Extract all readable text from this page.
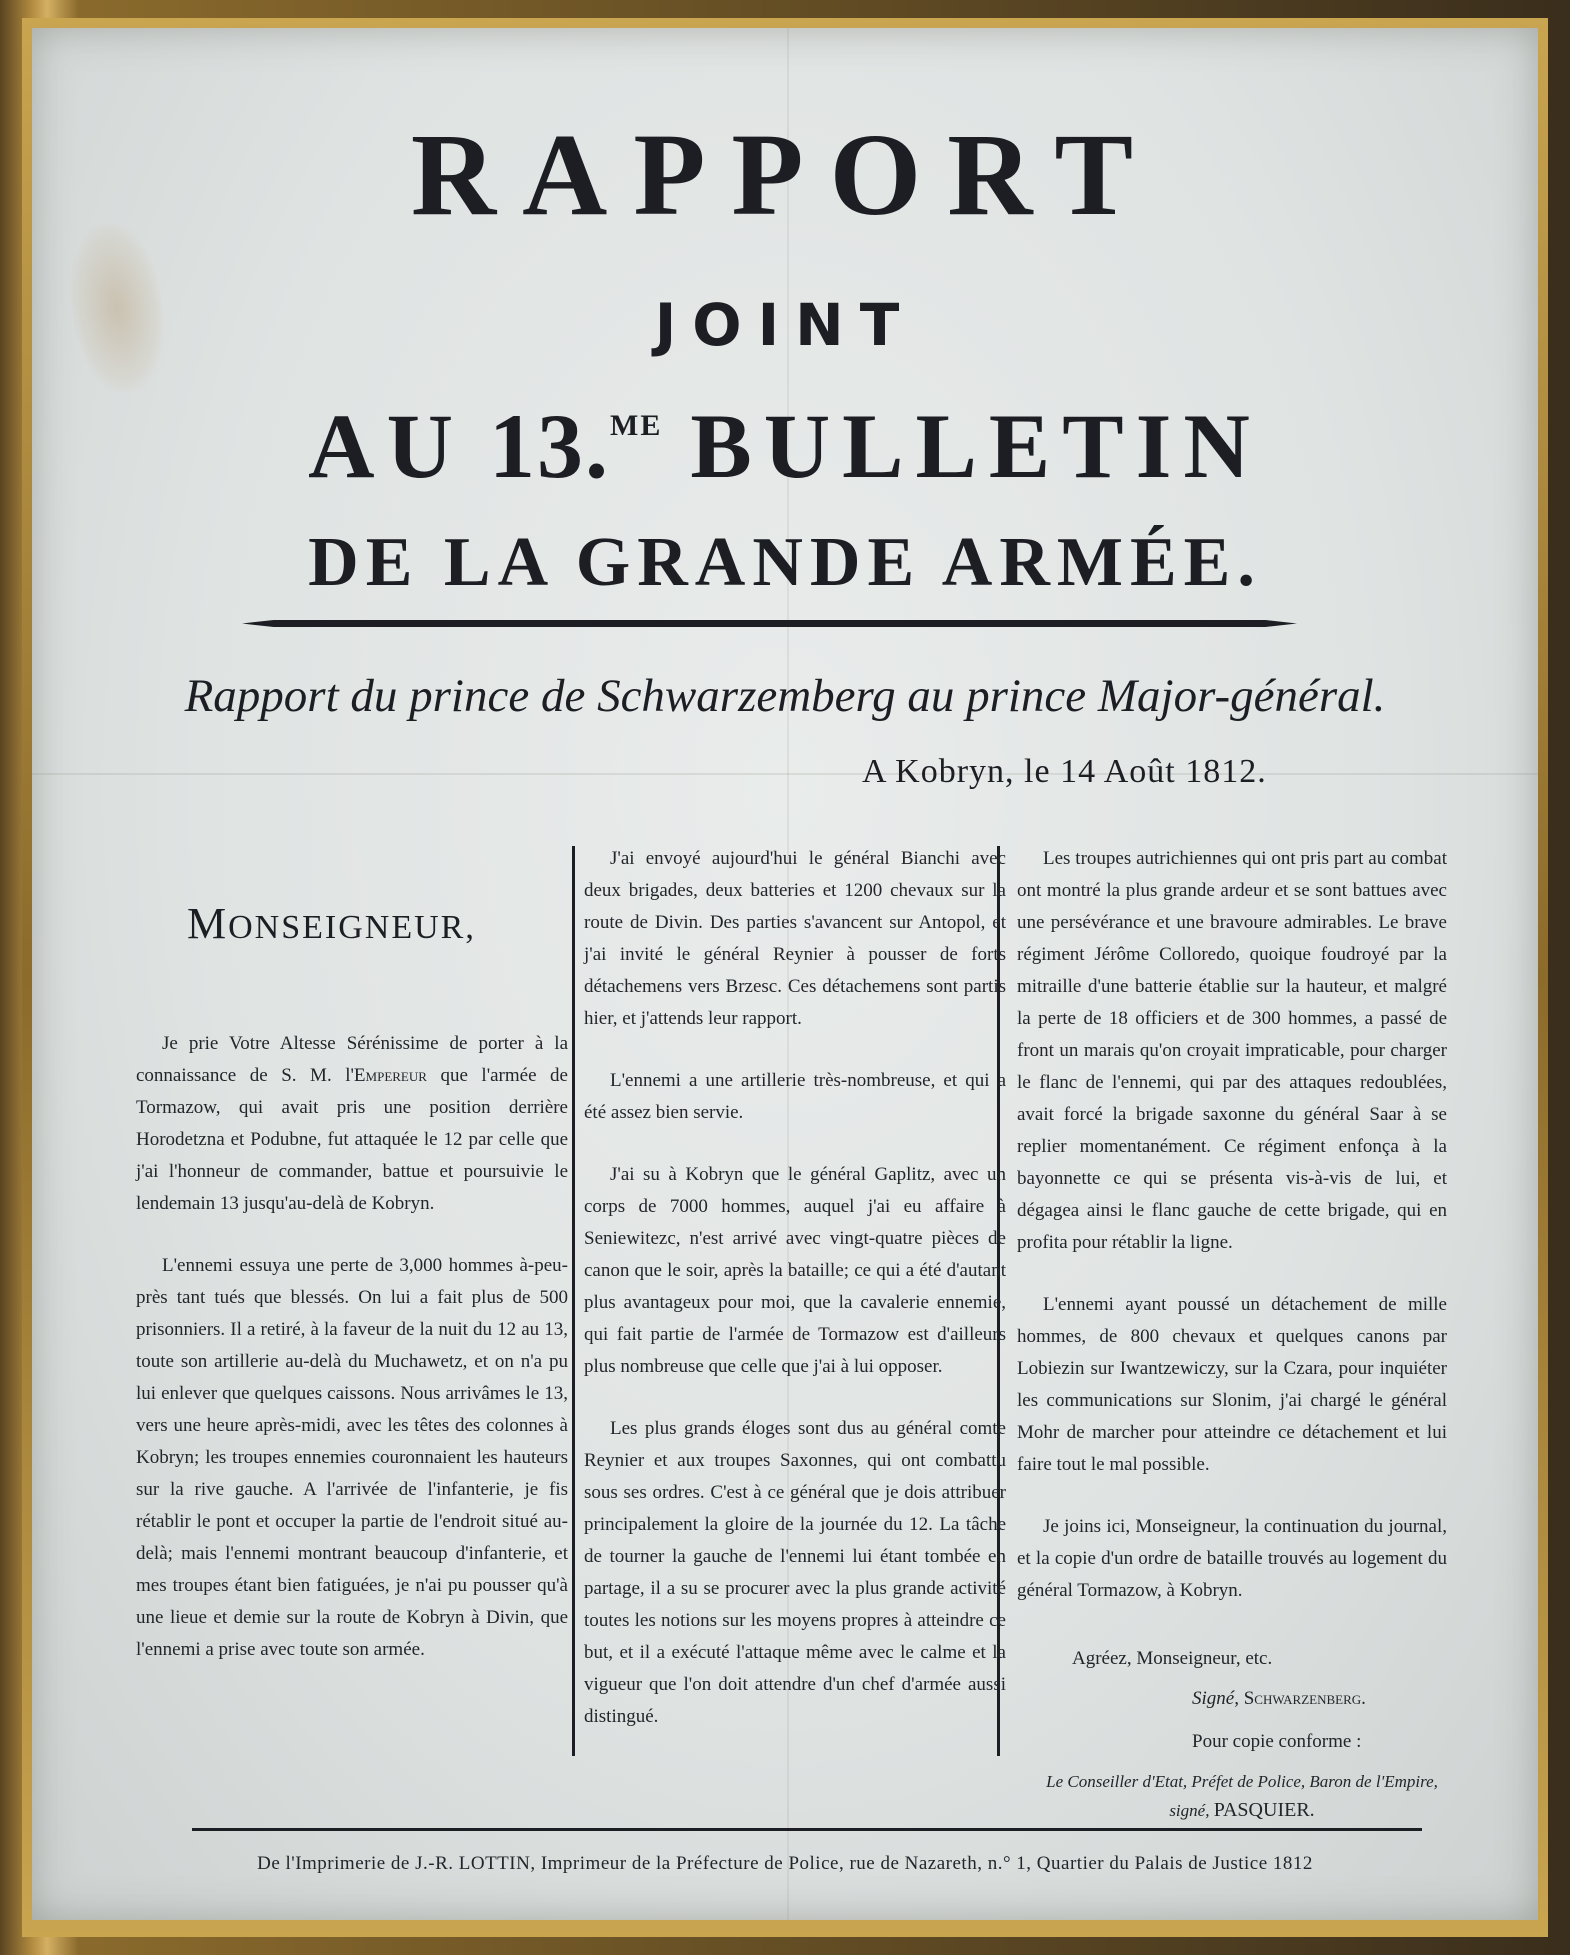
RAPPORT
JOINT
AU 13.$^{ME}$ BULLETIN
DE LA GRANDE ARMÉE.
Rapport du prince de Schwarzemberg au prince Major-général.
A Kobryn, le 14 Août 1812.
MONSEIGNEUR,

Je prie Votre Altesse Sérénissime de porter à la connaissance de S. M. l'Empereur que l'armée de Tormazow, qui avait pris une position derrière Horodetzna et Podubne, fut attaquée le 12 par celle que j'ai l'honneur de commander, battue et poursuivie le lendemain 13 jusqu'au-delà de Kobryn.

L'ennemi essuya une perte de 3,000 hommes à-peu-près tant tués que blessés. On lui a fait plus de 500 prisonniers. Il a retiré, à la faveur de la nuit du 12 au 13, toute son artillerie au-delà du Muchawetz, et on n'a pu lui enlever que quelques caissons. Nous arrivâmes le 13, vers une heure après-midi, avec les têtes des colonnes à Kobryn; les troupes ennemies couronnaient les hauteurs sur la rive gauche. A l'arrivée de l'infanterie, je fis rétablir le pont et occuper la partie de l'endroit situé au-delà; mais l'ennemi montrant beaucoup d'infanterie, et mes troupes étant bien fatiguées, je n'ai pu pousser qu'à une lieue et demie sur la route de Kobryn à Divin, que l'ennemi a prise avec toute son armée.

J'ai envoyé aujourd'hui le général Bianchi avec deux brigades, deux batteries et 1200 chevaux sur la route de Divin. Des parties s'avancent sur Antopol, et j'ai invité le général Reynier à pousser de forts détachemens vers Brzesc. Ces détachemens sont partis hier, et j'attends leur rapport.

L'ennemi a une artillerie très-nombreuse, et qui a été assez bien servie.

J'ai su à Kobryn que le général Gaplitz, avec un corps de 7000 hommes, auquel j'ai eu affaire à Seniewitezc, n'est arrivé avec vingt-quatre pièces de canon que le soir, après la bataille; ce qui a été d'autant plus avantageux pour moi, que la cavalerie ennemie, qui fait partie de l'armée de Tormazow est d'ailleurs plus nombreuse que celle que j'ai à lui opposer.

Les plus grands éloges sont dus au général comte Reynier et aux troupes Saxonnes, qui ont combattu sous ses ordres. C'est à ce général que je dois attribuer principalement la gloire de la journée du 12. La tâche de tourner la gauche de l'ennemi lui étant tombée en partage, il a su se procurer avec la plus grande activité toutes les notions sur les moyens propres à atteindre ce but, et il a exécuté l'attaque même avec le calme et la vigueur que l'on doit attendre d'un chef d'armée aussi distingué.

Les troupes autrichiennes qui ont pris part au combat ont montré la plus grande ardeur et se sont battues avec une persévérance et une bravoure admirables. Le brave régiment Jérôme Colloredo, quoique foudroyé par la mitraille d'une batterie établie sur la hauteur, et malgré la perte de 18 officiers et de 300 hommes, a passé de front un marais qu'on croyait impraticable, pour charger le flanc de l'ennemi, qui par des attaques redoublées, avait forcé la brigade saxonne du général Saar à se replier momentanément. Ce régiment enfonça à la bayonnette ce qui se présenta vis-à-vis de lui, et dégagea ainsi le flanc gauche de cette brigade, qui en profita pour rétablir la ligne.

L'ennemi ayant poussé un détachement de mille hommes, de 800 chevaux et quelques canons par Lobiezin sur Iwantzewiczy, sur la Czara, pour inquiéter les communications sur Slonim, j'ai chargé le général Mohr de marcher pour atteindre ce détachement et lui faire tout le mal possible.

Je joins ici, Monseigneur, la continuation du journal, et la copie d'un ordre de bataille trouvés au logement du général Tormazow, à Kobryn.

Agréez, Monseigneur, etc.
Signé, Schwarzenberg.
Pour copie conforme :
Le Conseiller d'Etat, Préfet de Police, Baron de l'Empire, signé, PASQUIER.
De l'Imprimerie de J.-R. LOTTIN, Imprimeur de la Préfecture de Police, rue de Nazareth, n.° 1, Quartier du Palais de Justice 1812
